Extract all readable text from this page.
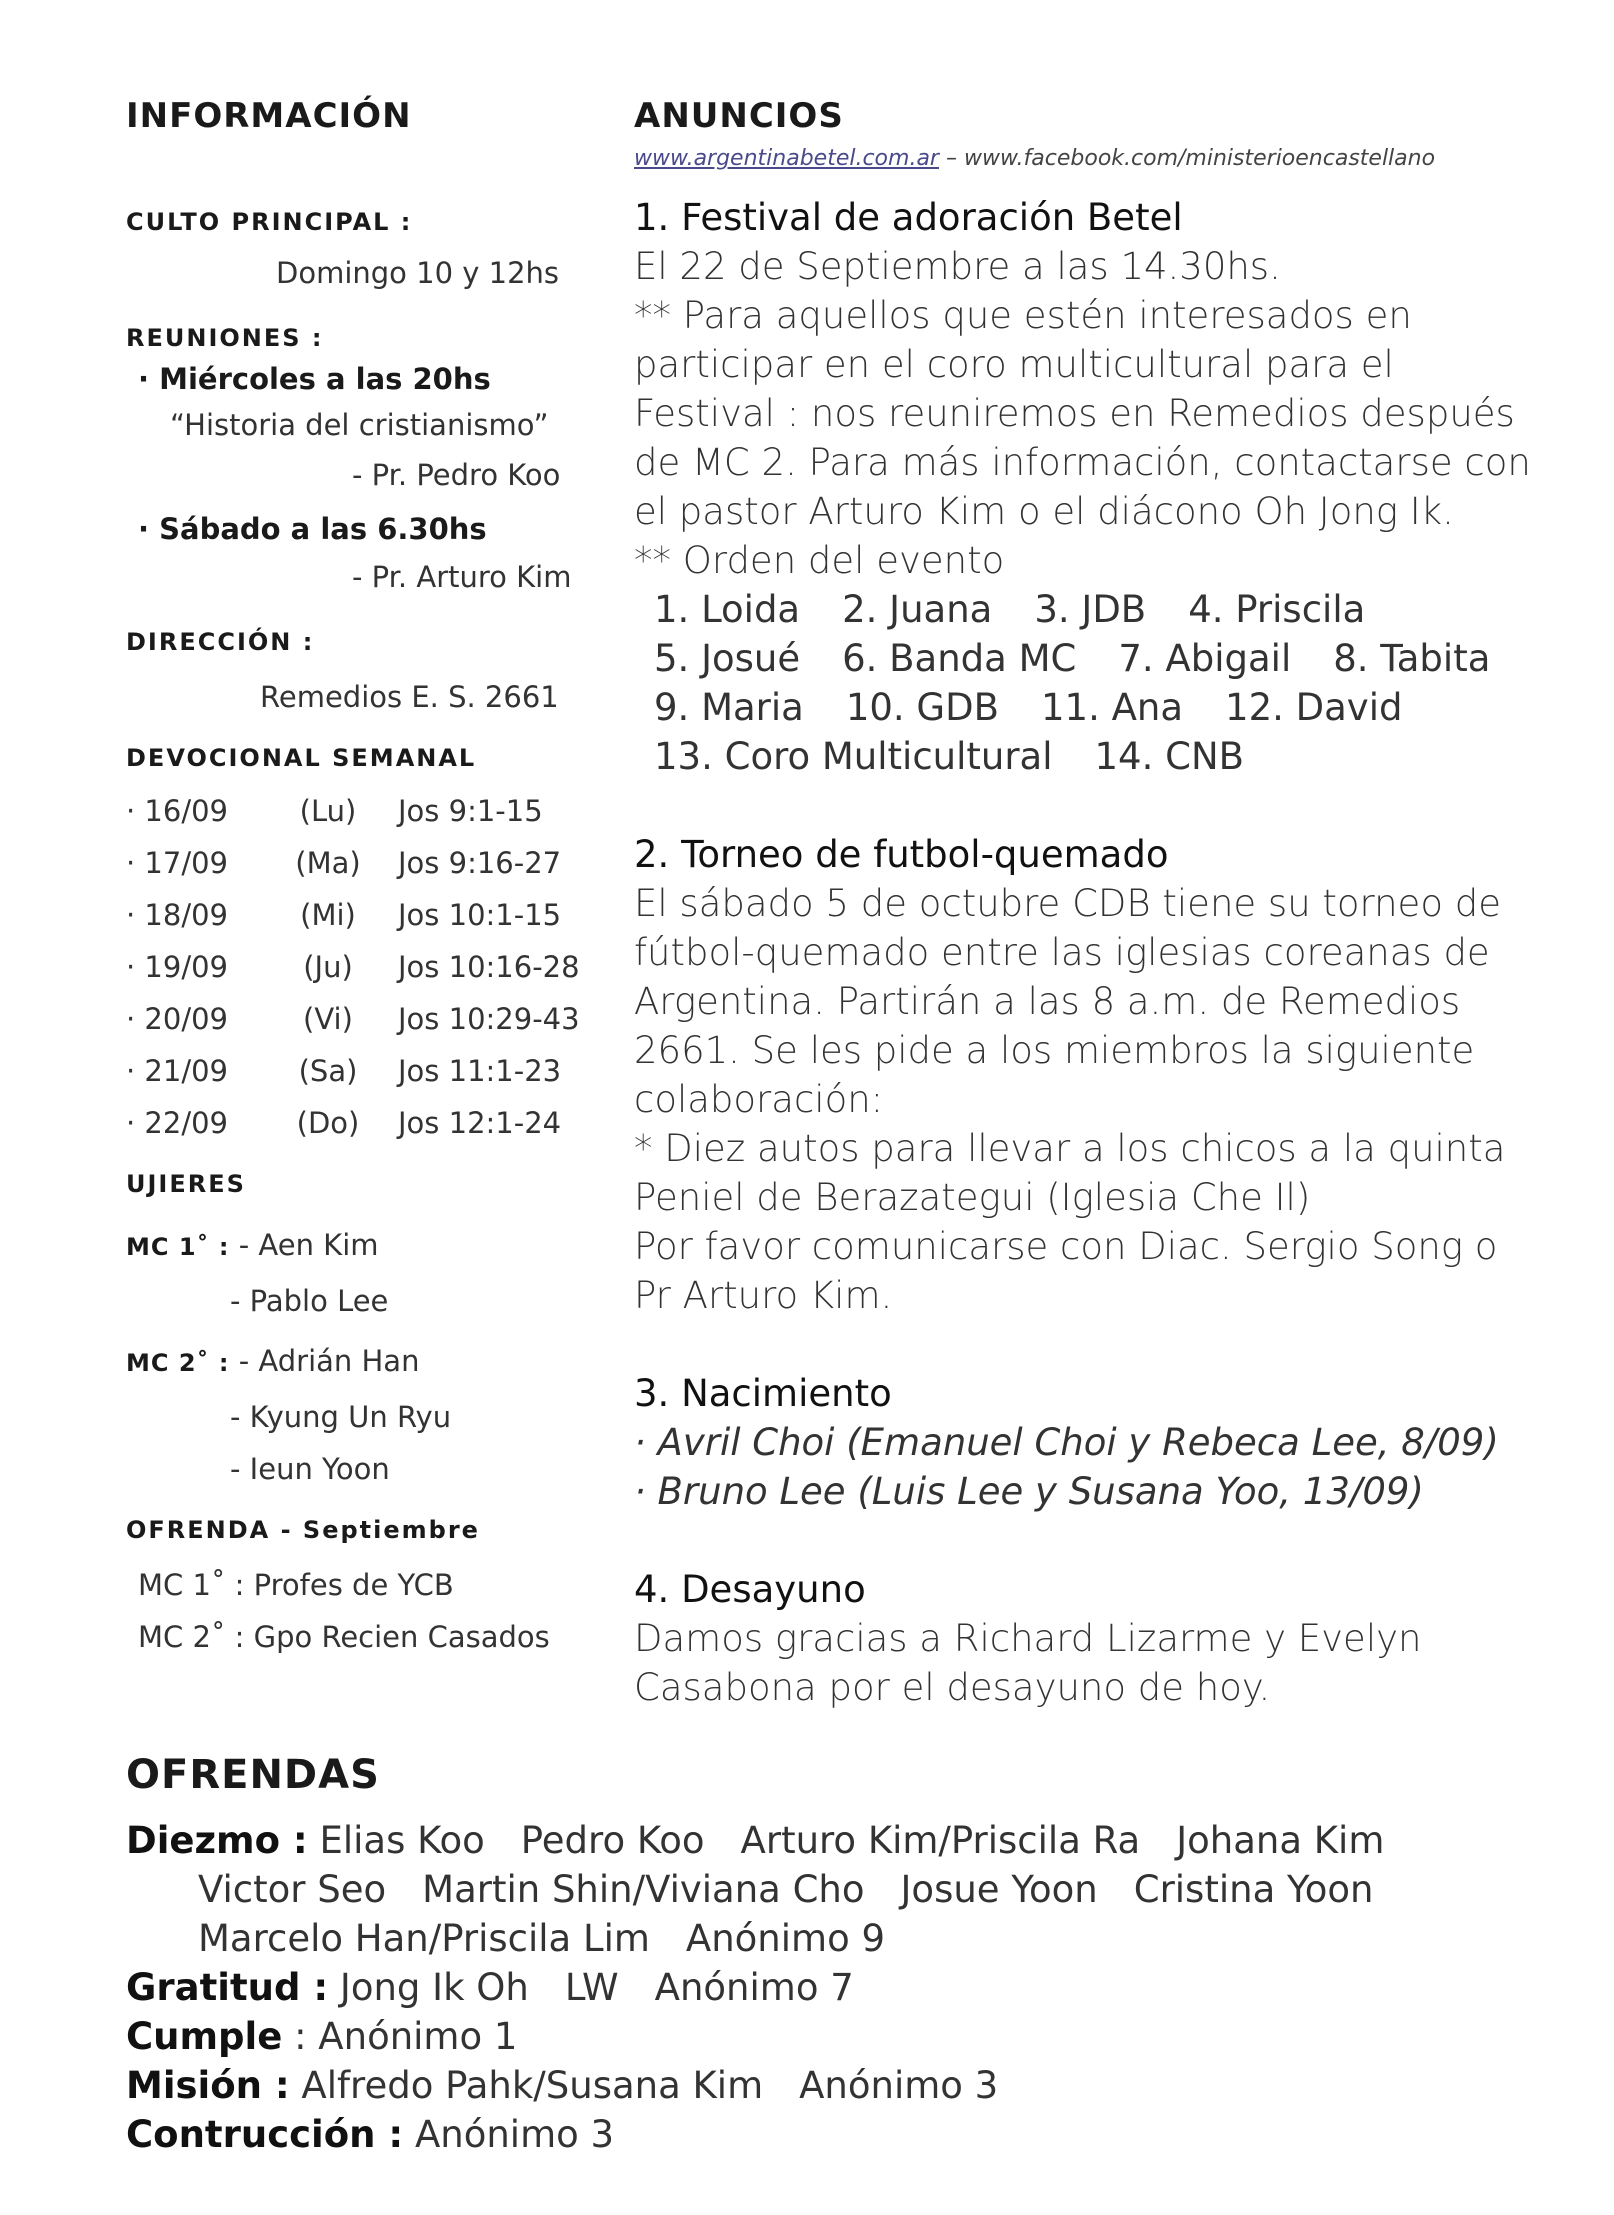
INFORMACIÓN
CULTO PRINCIPAL :
Domingo 10 y 12hs
REUNIONES :
· Miércoles a las 20hs
“Historia del cristianismo”
- Pr. Pedro Koo
· Sábado a las 6.30hs
- Pr. Arturo Kim
DIRECCIÓN :
Remedios E. S. 2661
DEVOCIONAL SEMANAL
· 16/09	(Lu)	Jos 9:1-15
· 17/09	(Ma)	Jos 9:16-27
· 18/09	(Mi)	Jos 10:1-15
· 19/09	(Ju)	Jos 10:16-28
· 20/09	(Vi)	Jos 10:29-43
· 21/09	(Sa)	Jos 11:1-23
· 22/09	(Do)	Jos 12:1-24
UJIERES
MC 1˚ : - Aen Kim
- Pablo Lee
MC 2˚ : - Adrián Han
- Kyung Un Ryu
- Ieun Yoon
OFRENDA - Septiembre
MC 1˚ : Profes de YCB
MC 2˚ : Gpo Recien Casados
ANUNCIOS
www.argentinabetel.com.ar – www.facebook.com/ministerioencastellano
1. Festival de adoración Betel
El 22 de Septiembre a las 14.30hs.
** Para aquellos que estén interesados en
participar en el coro multicultural para el
Festival : nos reuniremos en Remedios después
de MC 2. Para más información, contactarse con
el pastor Arturo Kim o el diácono Oh Jong Ik.
** Orden del evento
1. Loida 2. Juana 3. JDB 4. Priscila
5. Josué 6. Banda MC 7. Abigail 8. Tabita
9. Maria 10. GDB 11. Ana 12. David
13. Coro Multicultural 14. CNB
2. Torneo de futbol-quemado
El sábado 5 de octubre CDB tiene su torneo de
fútbol-quemado entre las iglesias coreanas de
Argentina. Partirán a las 8 a.m. de Remedios
2661. Se les pide a los miembros la siguiente
colaboración:
* Diez autos para llevar a los chicos a la quinta
Peniel de Berazategui (Iglesia Che Il)
Por favor comunicarse con Diac. Sergio Song o
Pr Arturo Kim.
3. Nacimiento
· Avril Choi (Emanuel Choi y Rebeca Lee, 8/09)
· Bruno Lee (Luis Lee y Susana Yoo, 13/09)
4. Desayuno
Damos gracias a Richard Lizarme y Evelyn
Casabona por el desayuno de hoy.
OFRENDAS
Diezmo : Elias Koo Pedro Koo Arturo Kim/Priscila Ra Johana Kim
Victor Seo Martin Shin/Viviana Cho Josue Yoon Cristina Yoon
Marcelo Han/Priscila Lim Anónimo 9
Gratitud : Jong Ik Oh LW Anónimo 7
Cumple : Anónimo 1
Misión : Alfredo Pahk/Susana Kim Anónimo 3
Contrucción : Anónimo 3
